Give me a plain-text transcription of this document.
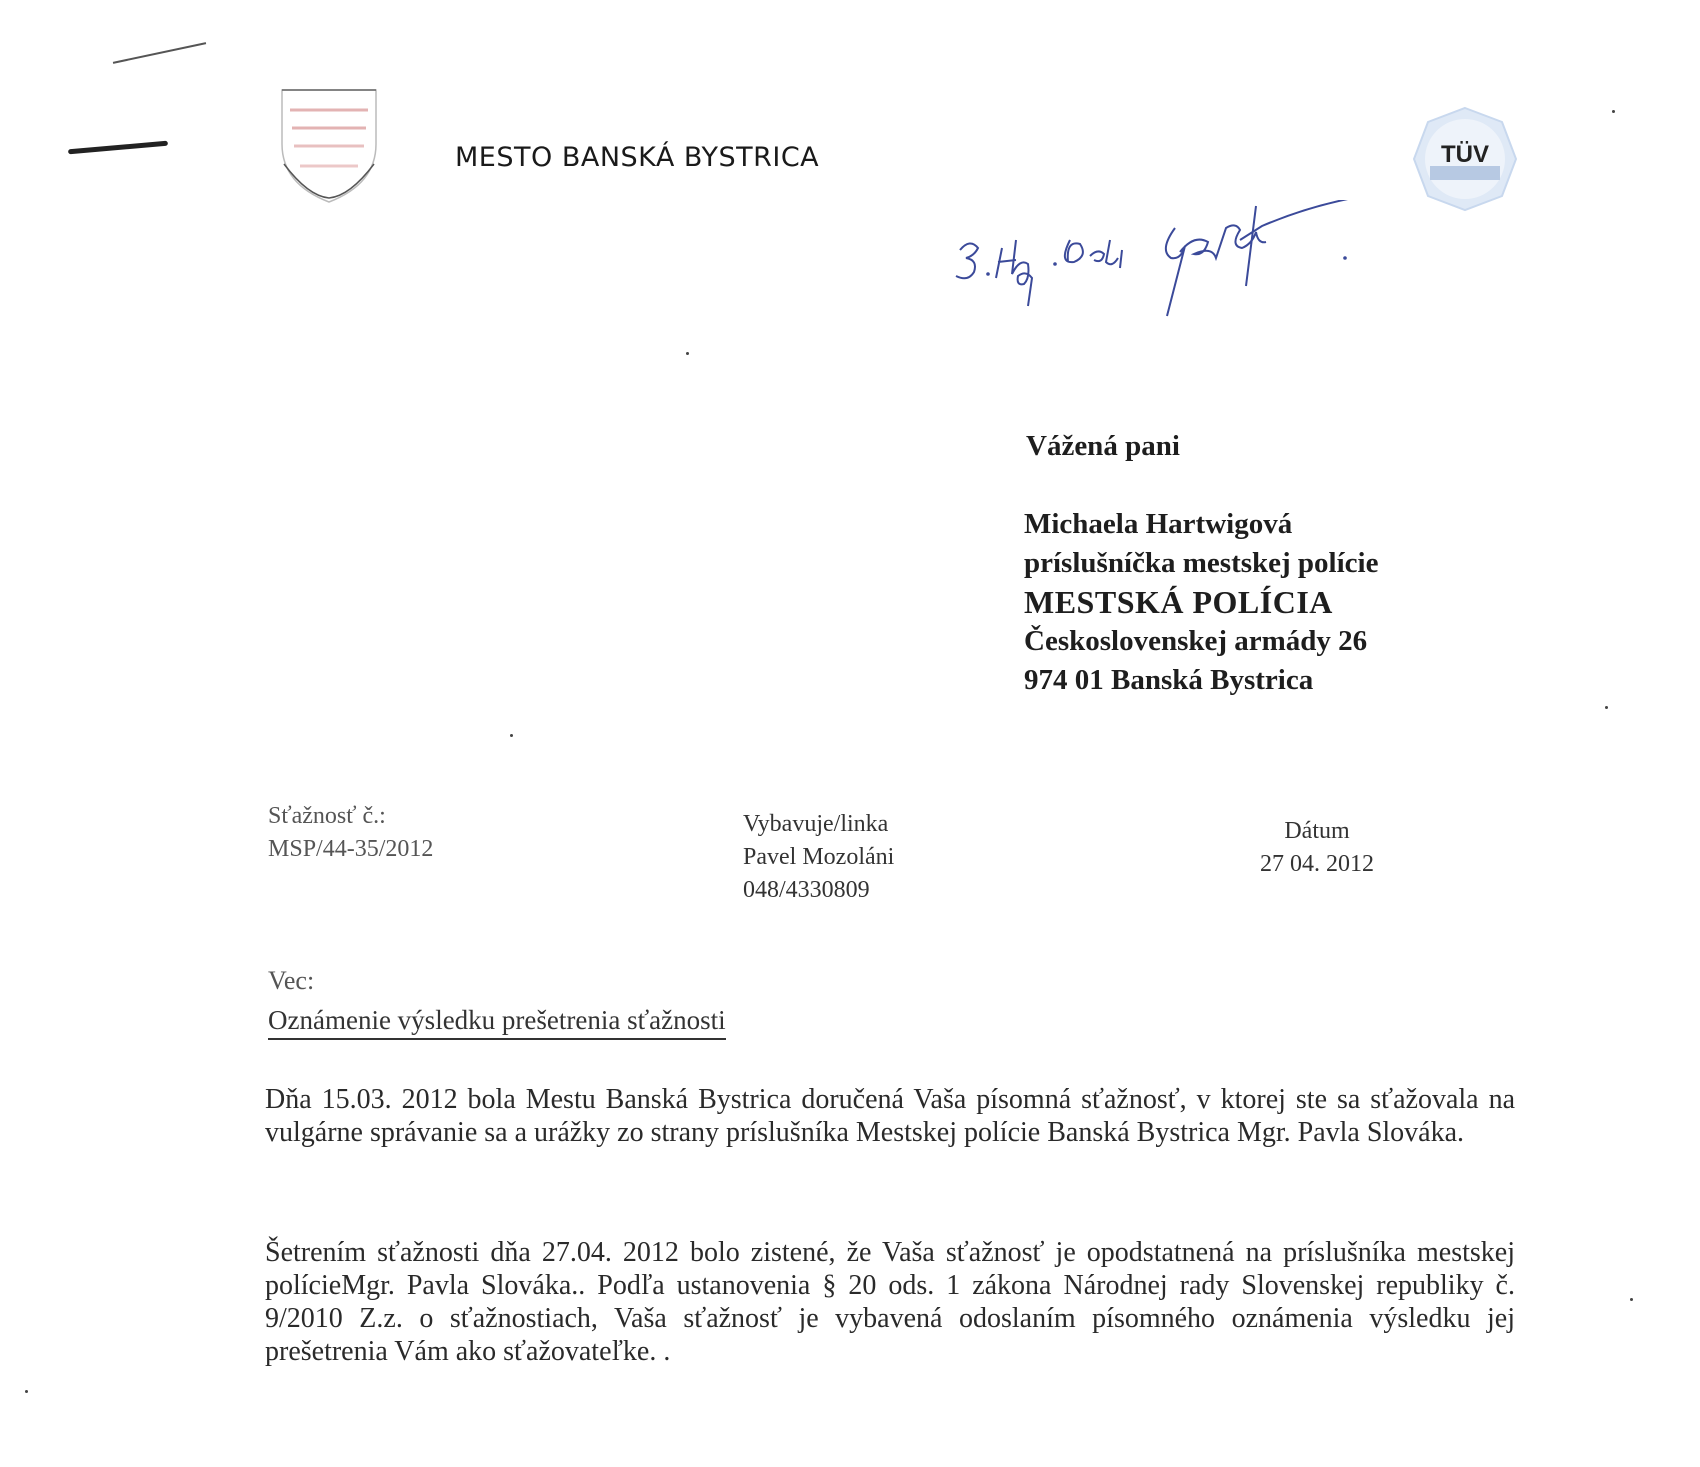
MESTO BANSKÁ BYSTRICA	TÜV
Vážená pani
Michaela Hartwigová
príslušníčka mestskej polície
MESTSKÁ POLÍCIA
Československej armády 26
974 01 Banská Bystrica
Sťažnosť č.:
MSP/44-35/2012
Vybavuje/linka
Pavel Mozoláni
048/4330809
Dátum
27 04. 2012
Vec:
Oznámenie výsledku prešetrenia sťažnosti
Dňa 15.03. 2012 bola Mestu Banská Bystrica doručená Vaša písomná sťažnosť, v ktorej ste sa sťažovala na vulgárne správanie sa a urážky zo strany príslušníka Mestskej polície Banská Bystrica Mgr. Pavla Slováka.
Šetrením sťažnosti dňa 27.04. 2012 bolo zistené, že Vaša sťažnosť je opodstatnená na príslušníka mestskej políciеMgr. Pavla Slováka.. Podľa ustanovenia § 20 ods. 1 zákona Národnej rady Slovenskej republiky č. 9/2010 Z.z. o sťažnostiach, Vaša sťažnosť je vybavená odoslaním písomného oznámenia výsledku jej prešetrenia Vám ako sťažovateľke. .
